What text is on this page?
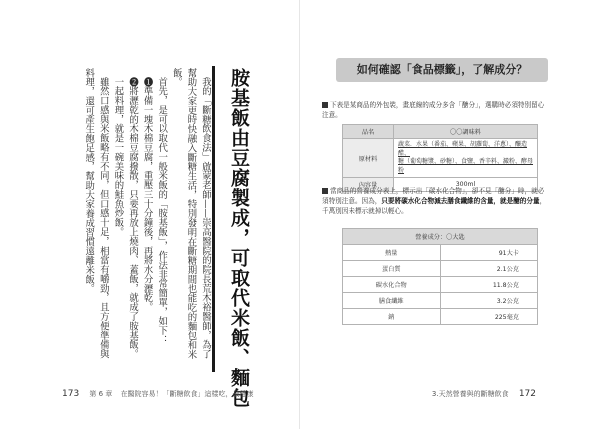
胺基飯由豆腐製成，可取代米飯、麵包

我的「斷糖飲食法」啟蒙老師——崇高醫院的院長荒木裕醫師，為了幫助大家更時快融入斷糖生活，特別發明在斷糖期間也能吃的麵包和米飯。

首先，是可以取代一般米飯的「胺基飯」，作法非常簡單，如下：

❶準備一塊木棉豆腐，重壓三十分鐘後，再將水分瀝乾。

❷將瀝乾的木棉豆腐撥散，只要再放上燒肉、蓋飯，就成了胺基飯。

一起料理，就是一碗美味的鮭魚炒飯。

雖然口感與米飯略有不同，但口感十足，相當有嚼勁，且方便準備與料理，還可產生飽足感，幫助大家養成習慣遠離米飯。

173 第 6 章 在醫院容易！「斷糖飲食」這樣吃，最健康
如何確認「食品標籤」，了解成分？
下表是某商品的外包裝，畫底線的成分多含「醣分」，選購時必須特別留心注意。
品名	〇〇調味料
原材料	蔬菜．水果（番茄、蘋果、胡蘿蔔、洋蔥）、釀造醋、
糖（葡萄糖漿、砂糖）、食鹽、香辛料、澱粉、酵母粉

內容量	300ml
當商品的營養成分表上，標示出「碳水化合物」，卻不見「醣分」時，就必須特別注意。因為，只要將碳水化合物減去膳食纖維的含量，就是醣的分量，千萬別因未標示就掉以輕心。
營養成分：〇大匙	
熱量	91大卡
蛋白質	2.1公克
碳水化合物	11.8公克
膳食纖維	3.2公克
鈉	225毫克
3.天然營養與的斷糖飲食 172
